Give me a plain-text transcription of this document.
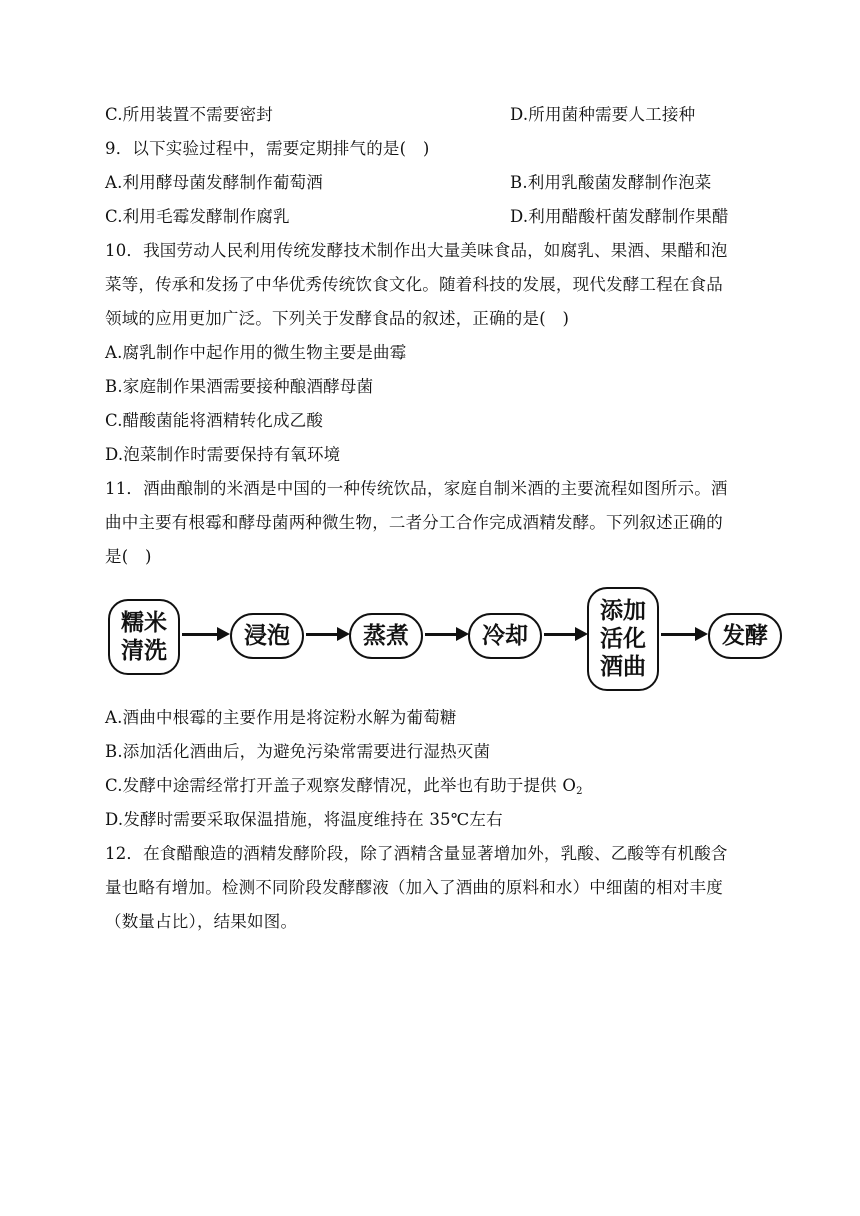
C.所用装置不需要密封	D.所用菌种需要人工接种
9．以下实验过程中，需要定期排气的是(　)
A.利用酵母菌发酵制作葡萄酒	B.利用乳酸菌发酵制作泡菜
C.利用毛霉发酵制作腐乳	D.利用醋酸杆菌发酵制作果醋
10．我国劳动人民利用传统发酵技术制作出大量美味食品，如腐乳、果酒、果醋和泡
菜等，传承和发扬了中华优秀传统饮食文化。随着科技的发展，现代发酵工程在食品
领域的应用更加广泛。下列关于发酵食品的叙述，正确的是(　)
A.腐乳制作中起作用的微生物主要是曲霉
B.家庭制作果酒需要接种酿酒酵母菌
C.醋酸菌能将酒精转化成乙酸
D.泡菜制作时需要保持有氧环境
11．酒曲酿制的米酒是中国的一种传统饮品，家庭自制米酒的主要流程如图所示。酒
曲中主要有根霉和酵母菌两种微生物，二者分工合作完成酒精发酵。下列叙述正确的
是(　)
糯米
清洗
浸泡	蒸煮	冷却
添加
活化
酒曲
发酵
A.酒曲中根霉的主要作用是将淀粉水解为葡萄糖
B.添加活化酒曲后，为避免污染常需要进行湿热灭菌
C.发酵中途需经常打开盖子观察发酵情况，此举也有助于提供 $O_2$
D.发酵时需要采取保温措施，将温度维持在 35℃左右
12．在食醋酿造的酒精发酵阶段，除了酒精含量显著增加外，乳酸、乙酸等有机酸含
量也略有增加。检测不同阶段发酵醪液（加入了酒曲的原料和水）中细菌的相对丰度
（数量占比），结果如图。
